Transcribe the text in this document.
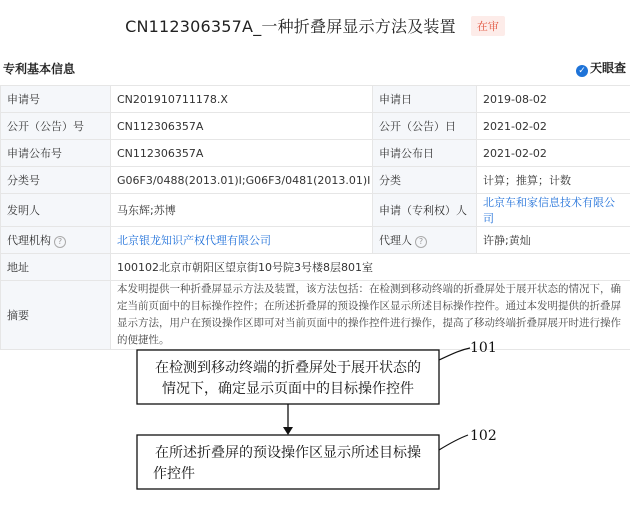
CN112306357A_一种折叠屏显示方法及装置 在审
专利基本信息	✓ 天眼查
申请号	CN201910711178.X	申请日	2019-08-02
公开（公告）号	CN112306357A	公开（公告）日	2021-02-02
申请公布号	CN112306357A	申请公布日	2021-02-02
分类号	G06F3/0488(2013.01)I;G06F3/0481(2013.01)I	分类	计算；推算；计数
发明人	马东辉;苏博	申请（专利权）人	北京车和家信息技术有限公司
代理机构 ?	北京银龙知识产权代理有限公司	代理人 ?	许静;黄灿
地址	100102北京市朝阳区望京街10号院3号楼8层801室		
摘要	本发明提供一种折叠屏显示方法及装置，该方法包括：在检测到移动终端的折叠屏处于展开状态的情况下，确定当前页面中的目标操作控件；在所述折叠屏的预设操作区显示所述目标操作控件。通过本发明提供的折叠屏显示方法，用户在预设操作区即可对当前页面中的操作控件进行操作，提高了移动终端折叠屏展开时进行操作的便捷性。		
在检测到移动终端的折叠屏处于展开状态的
情况下，确定显示页面中的目标操作控件
在所述折叠屏的预设操作区显示所述目标操
作控件
101
102
